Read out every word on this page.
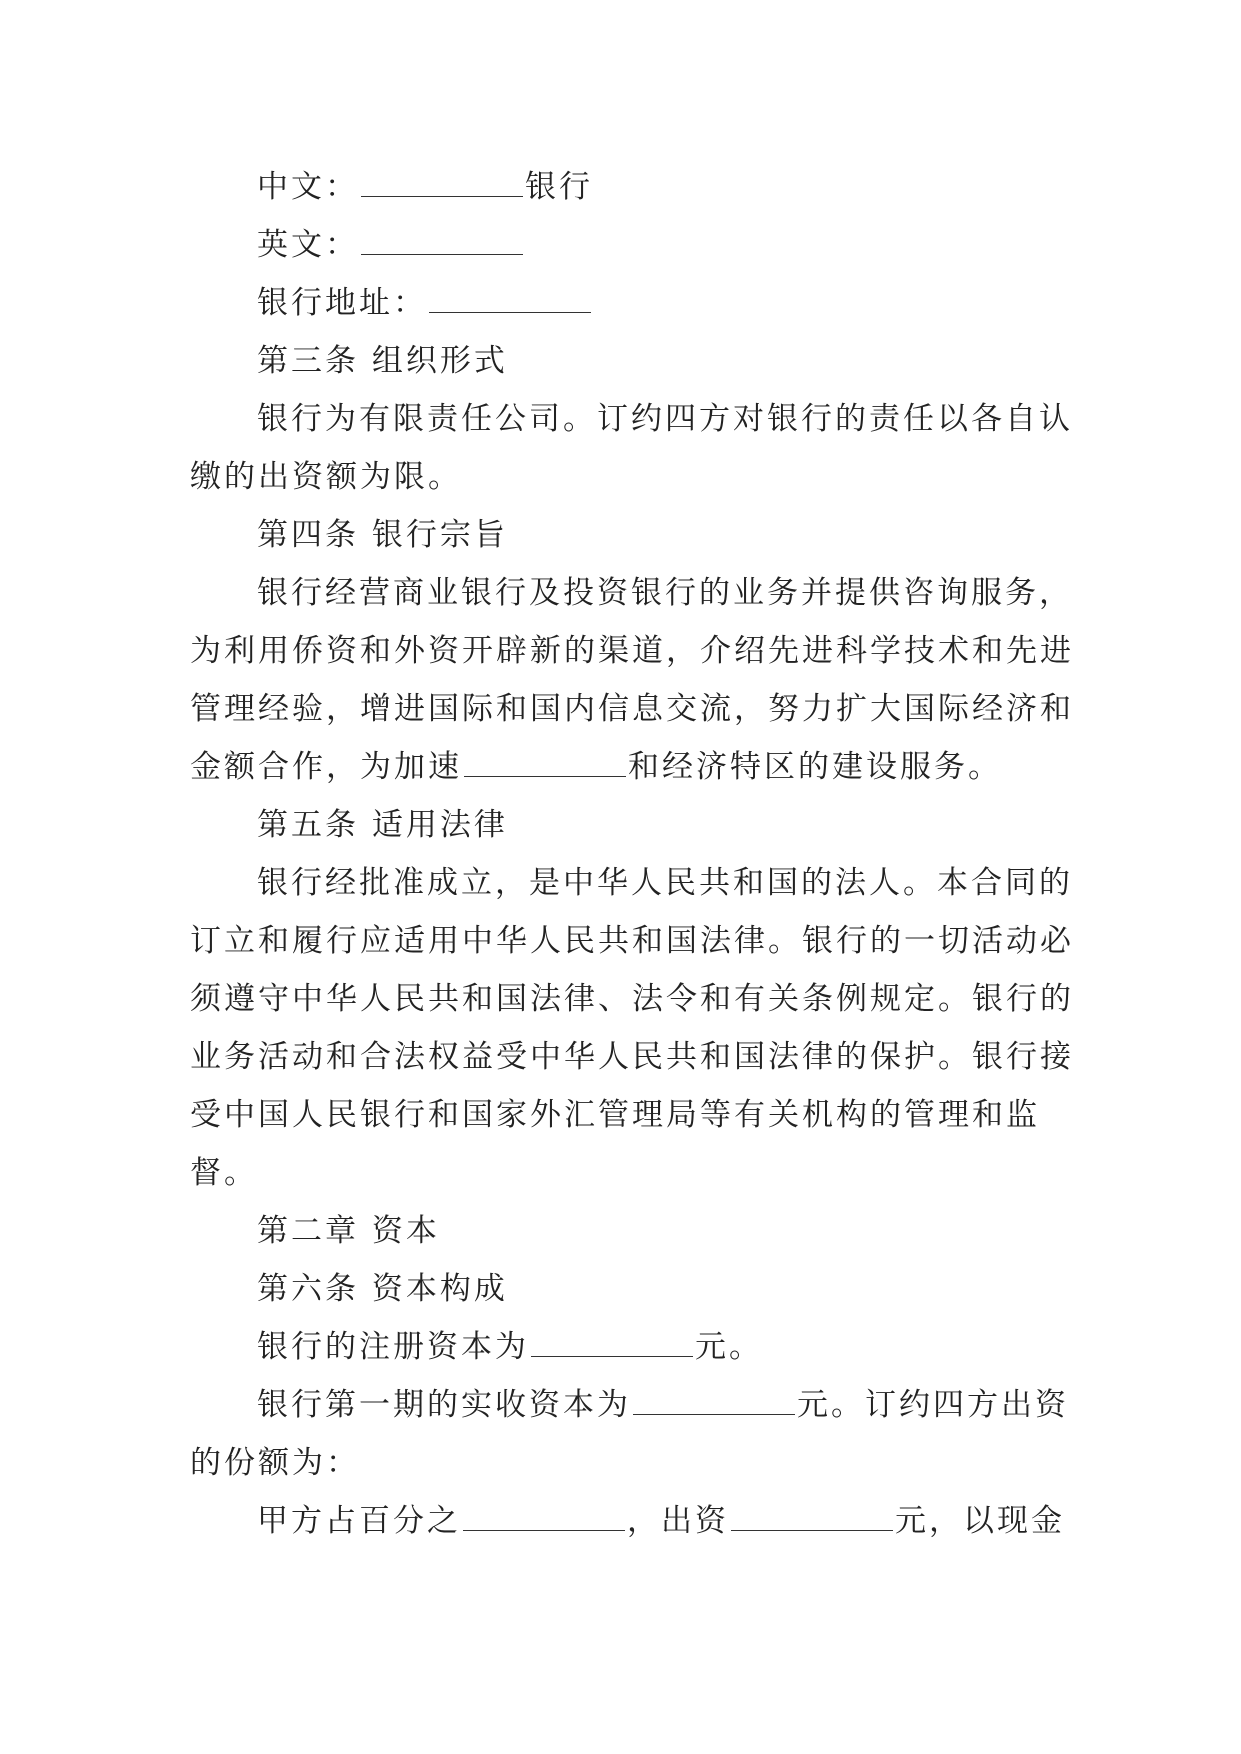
中文：	银行
英文：
银行地址：
第三条 组织形式
银行为有限责任公司。订约四方对银行的责任以各自认
缴的出资额为限。
第四条 银行宗旨
银行经营商业银行及投资银行的业务并提供咨询服务，
为利用侨资和外资开辟新的渠道，介绍先进科学技术和先进
管理经验，增进国际和国内信息交流，努力扩大国际经济和
金额合作，为加速	和经济特区的建设服务。
第五条 适用法律
银行经批准成立，是中华人民共和国的法人。本合同的
订立和履行应适用中华人民共和国法律。银行的一切活动必
须遵守中华人民共和国法律、法令和有关条例规定。银行的
业务活动和合法权益受中华人民共和国法律的保护。银行接
受中国人民银行和国家外汇管理局等有关机构的管理和监
督。
第二章 资本
第六条 资本构成
银行的注册资本为	元。
银行第一期的实收资本为	元。订约四方出资
的份额为：
甲方占百分之	，出资	元，以现金
